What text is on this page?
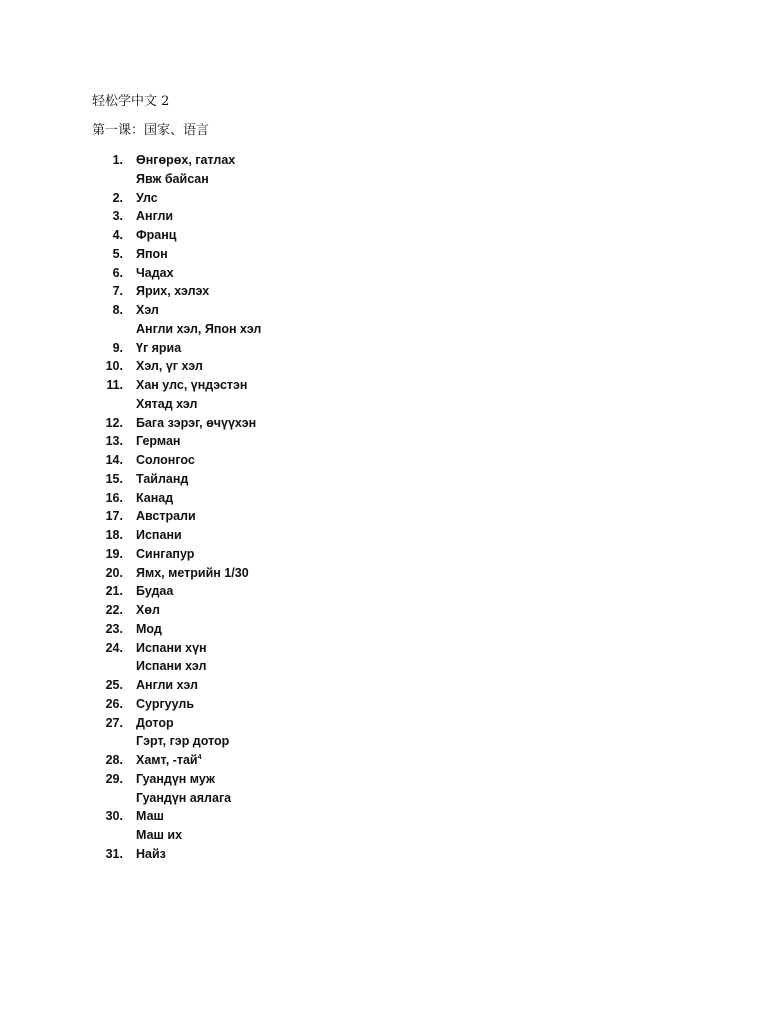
轻松学中文 2
第一课：国家、语言
1. Өнгөрөх, гатлах
Явж байсан
2. Улс
3. Англи
4. Франц
5. Япон
6. Чадах
7. Ярих, хэлэх
8. Хэл
Англи хэл, Япон хэл
9. Үг яриа
10. Хэл, үг хэл
11. Хан улс, үндэстэн
Хятад хэл
12. Бага зэрэг, өчүүхэн
13. Герман
14. Солонгос
15. Тайланд
16. Канад
17. Австрали
18. Испани
19. Сингапур
20. Ямх, метрийн 1/30
21. Будаа
22. Хөл
23. Мод
24. Испани хүн
Испани хэл
25. Англи хэл
26. Сургууль
27. Дотор
Гэрт, гэр дотор
28. Хамт, -тай$^4$
29. Гуандүн муж
Гуандүн аялага
30. Маш
Маш их
31. Найз
